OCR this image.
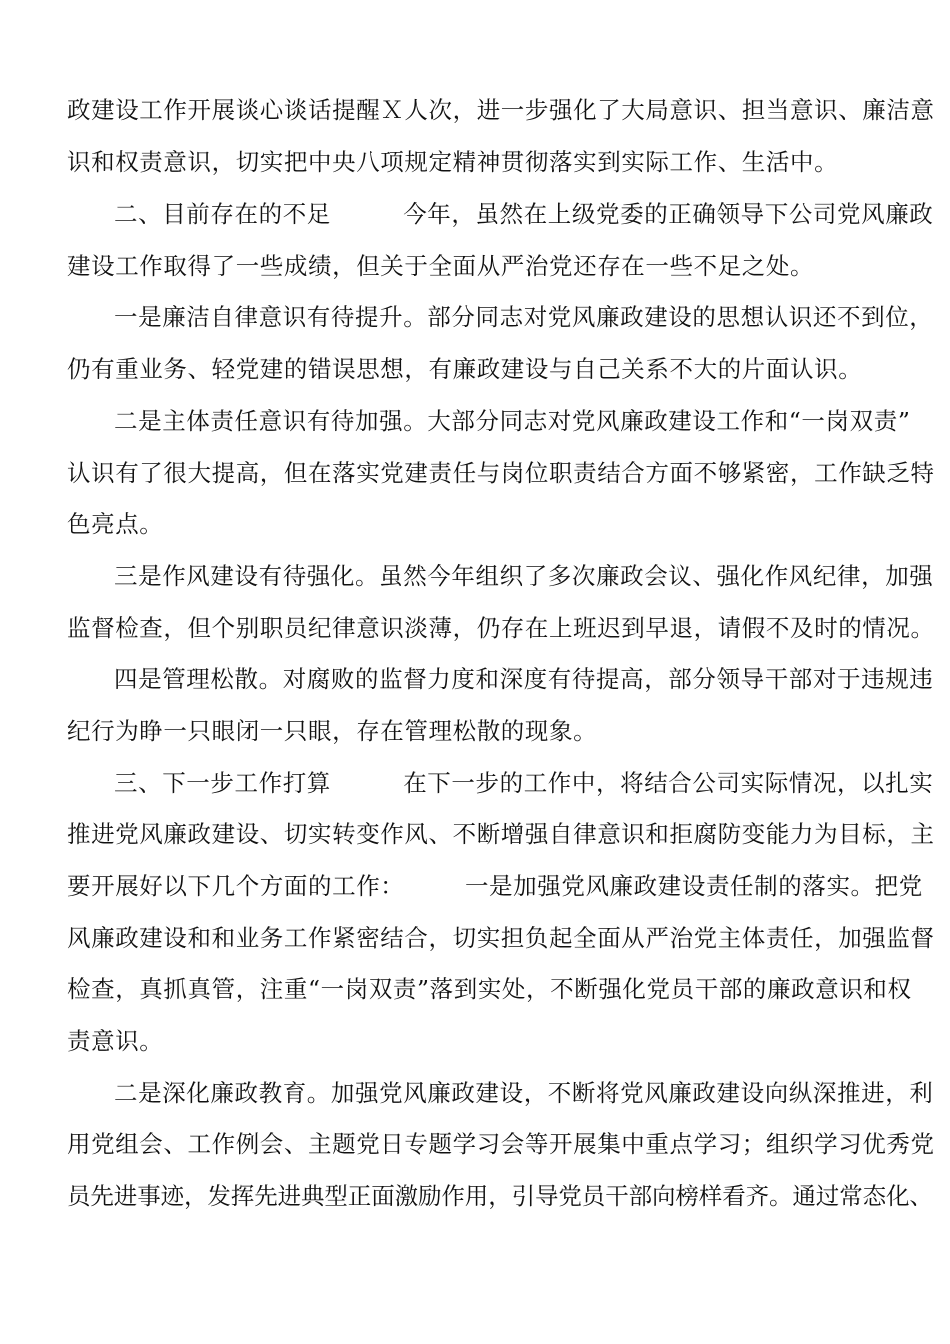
政建设工作开展谈心谈话提醒Ｘ人次，进一步强化了大局意识、担当意识、廉洁意
识和权责意识，切实把中央八项规定精神贯彻落实到实际工作、生活中。
二、目前存在的不足　　　今年，虽然在上级党委的正确领导下公司党风廉政
建设工作取得了一些成绩，但关于全面从严治党还存在一些不足之处。
一是廉洁自律意识有待提升。部分同志对党风廉政建设的思想认识还不到位，
仍有重业务、轻党建的错误思想，有廉政建设与自己关系不大的片面认识。
二是主体责任意识有待加强。大部分同志对党风廉政建设工作和“一岗双责”
认识有了很大提高，但在落实党建责任与岗位职责结合方面不够紧密，工作缺乏特
色亮点。
三是作风建设有待强化。虽然今年组织了多次廉政会议、强化作风纪律，加强
监督检查，但个别职员纪律意识淡薄，仍存在上班迟到早退，请假不及时的情况。
四是管理松散。对腐败的监督力度和深度有待提高，部分领导干部对于违规违
纪行为睁一只眼闭一只眼，存在管理松散的现象。
三、下一步工作打算　　　在下一步的工作中，将结合公司实际情况，以扎实
推进党风廉政建设、切实转变作风、不断增强自律意识和拒腐防变能力为目标，主
要开展好以下几个方面的工作：　　　一是加强党风廉政建设责任制的落实。把党
风廉政建设和和业务工作紧密结合，切实担负起全面从严治党主体责任，加强监督
检查，真抓真管，注重“一岗双责”落到实处，不断强化党员干部的廉政意识和权
责意识。
二是深化廉政教育。加强党风廉政建设，不断将党风廉政建设向纵深推进，利
用党组会、工作例会、主题党日专题学习会等开展集中重点学习；组织学习优秀党
员先进事迹，发挥先进典型正面激励作用，引导党员干部向榜样看齐。通过常态化、
